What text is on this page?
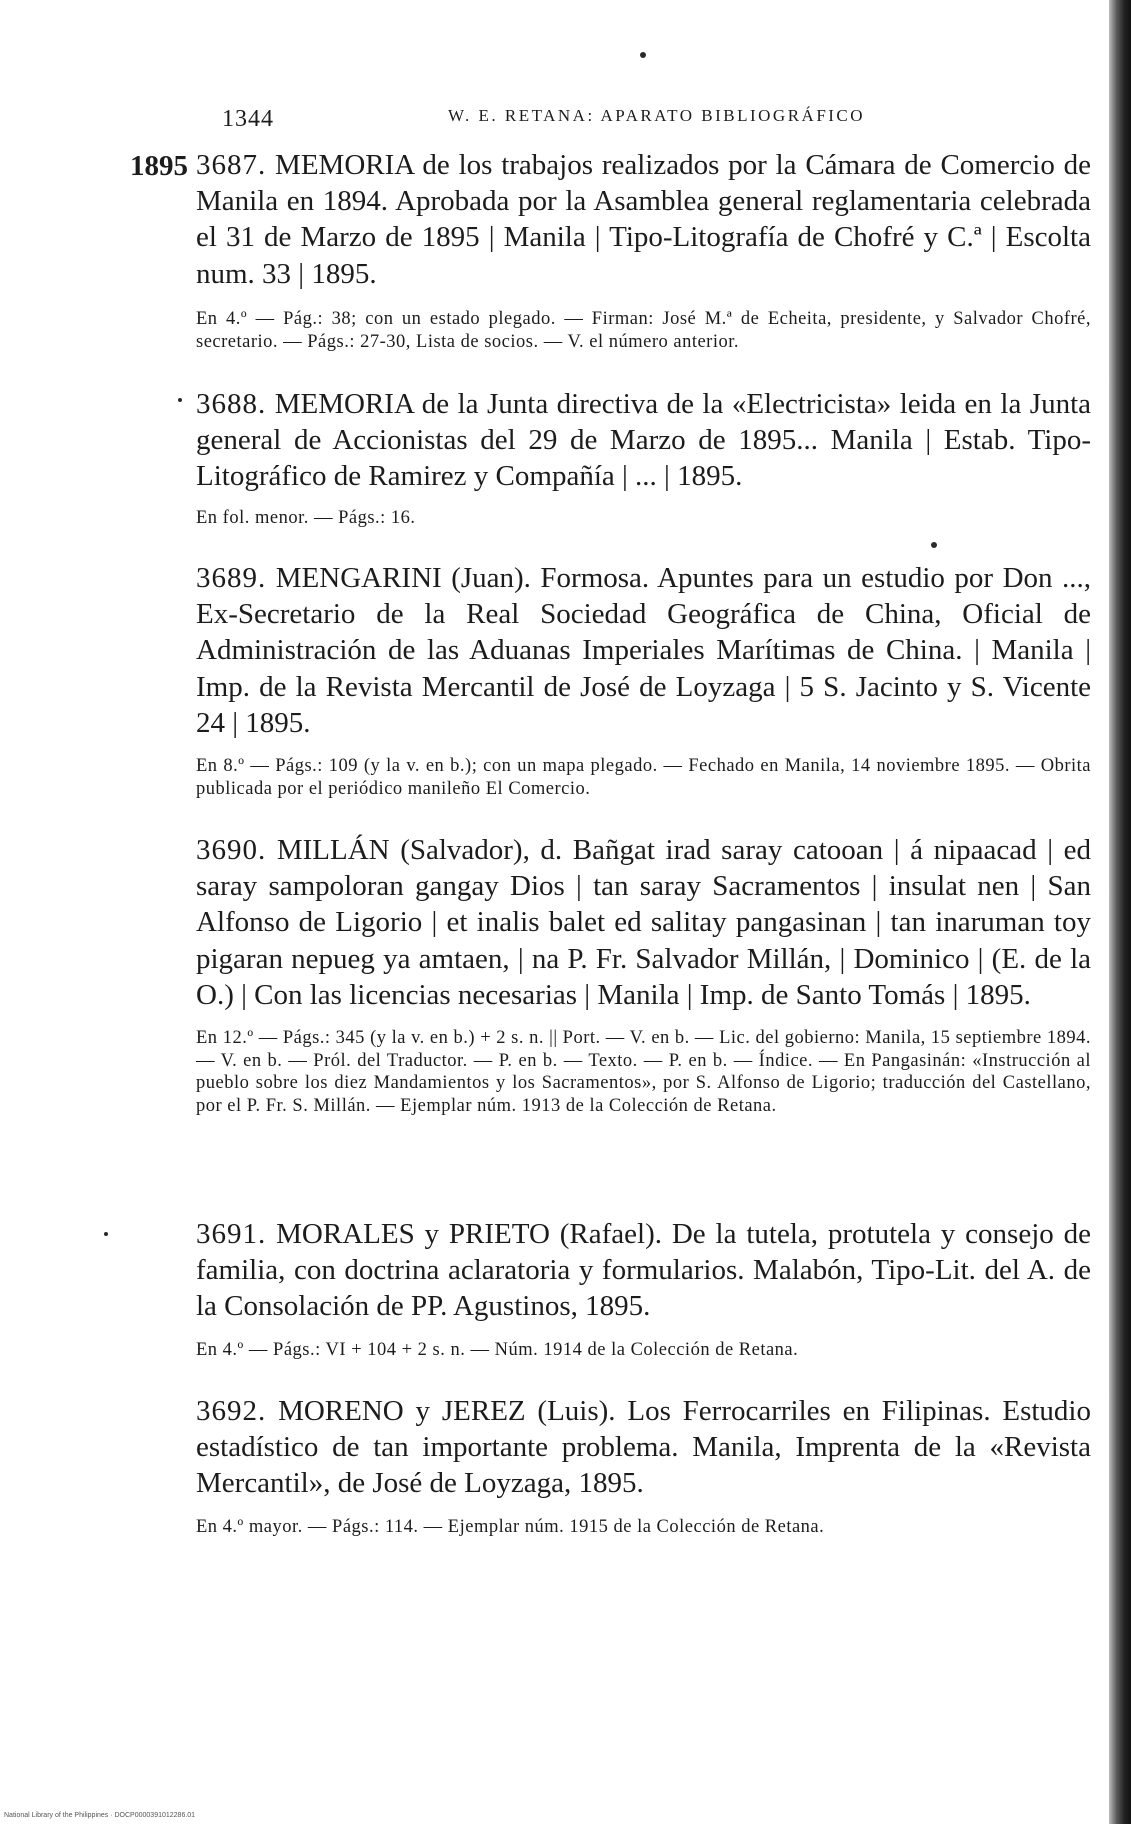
1344	W. E. RETANA: APARATO BIBLIOGRÁFICO
1895 3687. MEMORIA de los trabajos realizados por la Cámara de Comercio de Manila en 1894. Aprobada por la Asamblea general reglamentaria celebrada el 31 de Marzo de 1895 | Manila | Tipo-Litografía de Chofré y C.ª | Escolta num. 33 | 1895.

En 4.º — Pág.: 38; con un estado plegado. — Firman: José M.ª de Echeita, presidente, y Salvador Chofré, secretario. — Págs.: 27-30, Lista de socios. — V. el número anterior.

3688. MEMORIA de la Junta directiva de la «Electricista» leida en la Junta general de Accionistas del 29 de Marzo de 1895... Manila | Estab. Tipo-Litográfico de Ramirez y Compañía | ... | 1895.

En fol. menor. — Págs.: 16.

3689. MENGARINI (Juan). Formosa. Apuntes para un estudio por Don ..., Ex-Secretario de la Real Sociedad Geográfica de China, Oficial de Administración de las Aduanas Imperiales Marítimas de China. | Manila | Imp. de la Revista Mercantil de José de Loyzaga | 5 S. Jacinto y S. Vicente 24 | 1895.

En 8.º — Págs.: 109 (y la v. en b.); con un mapa plegado. — Fechado en Manila, 14 noviembre 1895. — Obrita publicada por el periódico manileño El Comercio.

3690. MILLÁN (Salvador), d. Bañgat irad saray catooan | á nipaacad | ed saray sampoloran gangay Dios | tan saray Sacramentos | insulat nen | San Alfonso de Ligorio | et inalis balet ed salitay pangasinan | tan inaruman toy pigaran nepueg ya amtaen, | na P. Fr. Salvador Millán, | Dominico | (E. de la O.) | Con las licencias necesarias | Manila | Imp. de Santo Tomás | 1895.

En 12.º — Págs.: 345 (y la v. en b.) + 2 s. n. || Port. — V. en b. — Lic. del gobierno: Manila, 15 septiembre 1894. — V. en b. — Pról. del Traductor. — P. en b. — Texto. — P. en b. — Índice. — En Pangasinán: «Instrucción al pueblo sobre los diez Mandamientos y los Sacramentos», por S. Alfonso de Ligorio; traducción del Castellano, por el P. Fr. S. Millán. — Ejemplar núm. 1913 de la Colección de Retana.

3691. MORALES y PRIETO (Rafael). De la tutela, protutela y consejo de familia, con doctrina aclaratoria y formularios. Malabón, Tipo-Lit. del A. de la Consolación de PP. Agustinos, 1895.

En 4.º — Págs.: VI + 104 + 2 s. n. — Núm. 1914 de la Colección de Retana.

3692. MORENO y JEREZ (Luis). Los Ferrocarriles en Filipinas. Estudio estadístico de tan importante problema. Manila, Imprenta de la «Revista Mercantil», de José de Loyzaga, 1895.

En 4.º mayor. — Págs.: 114. — Ejemplar núm. 1915 de la Colección de Retana.

National Library of the Philippines · DOCP0000391012286.01
